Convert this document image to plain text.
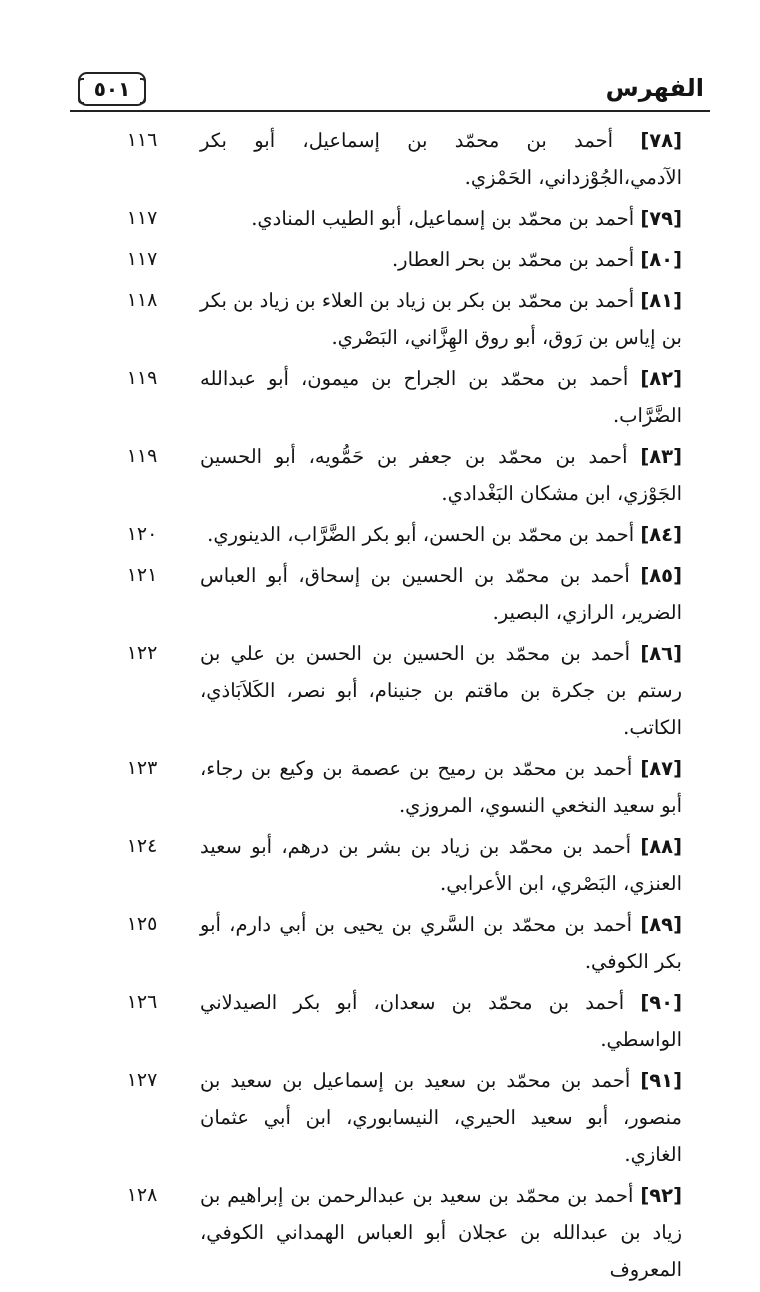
٥٠١	الفهرس
[٧٨] أحمد بن محمّد بن إسماعيل، أبو بكر الآدمي،الجُوْزداني، الحَمْزي.
١١٦
[٧٩] أحمد بن محمّد بن إسماعيل، أبو الطيب المنادي.
١١٧
[٨٠] أحمد بن محمّد بن بحر العطار.
١١٧
[٨١] أحمد بن محمّد بن بكر بن زياد بن العلاء بن زياد بن بكر بن إياس بن رَوق، أبو روق الهِزَّاني، البَصْري.
١١٨
[٨٢] أحمد بن محمّد بن الجراح بن ميمون، أبو عبدالله الضَّرَّاب.
١١٩
[٨٣] أحمد بن محمّد بن جعفر بن حَمُّويه، أبو الحسين الجَوْزي، ابن مشكان البَغْدادي.
١١٩
[٨٤] أحمد بن محمّد بن الحسن، أبو بكر الضَّرَّاب، الدينوري.
١٢٠
[٨٥] أحمد بن محمّد بن الحسين بن إسحاق، أبو العباس الضرير، الرازي، البصير.
١٢١
[٨٦] أحمد بن محمّد بن الحسين بن الحسن بن علي بن رستم بن جكرة بن ماقتم بن جنينام، أبو نصر، الكَلاَبَاذي، الكاتب.
١٢٢
[٨٧] أحمد بن محمّد بن رميح بن عصمة بن وكيع بن رجاء، أبو سعيد النخعي النسوي، المروزي.
١٢٣
[٨٨] أحمد بن محمّد بن زياد بن بشر بن درهم، أبو سعيد العنزي، البَصْري، ابن الأعرابي.
١٢٤
[٨٩] أحمد بن محمّد بن السَّري بن يحيى بن أبي دارم، أبو بكر الكوفي.
١٢٥
[٩٠] أحمد بن محمّد بن سعدان، أبو بكر الصيدلاني الواسطي.
١٢٦
[٩١] أحمد بن محمّد بن سعيد بن إسماعيل بن سعيد بن منصور، أبو سعيد الحيري، النيسابوري، ابن أبي عثمان الغازي.
١٢٧
[٩٢] أحمد بن محمّد بن سعيد بن عبدالرحمن بن إبراهيم بن زياد بن عبدالله بن عجلان أبو العباس الهمداني الكوفي، المعروف
١٢٨
